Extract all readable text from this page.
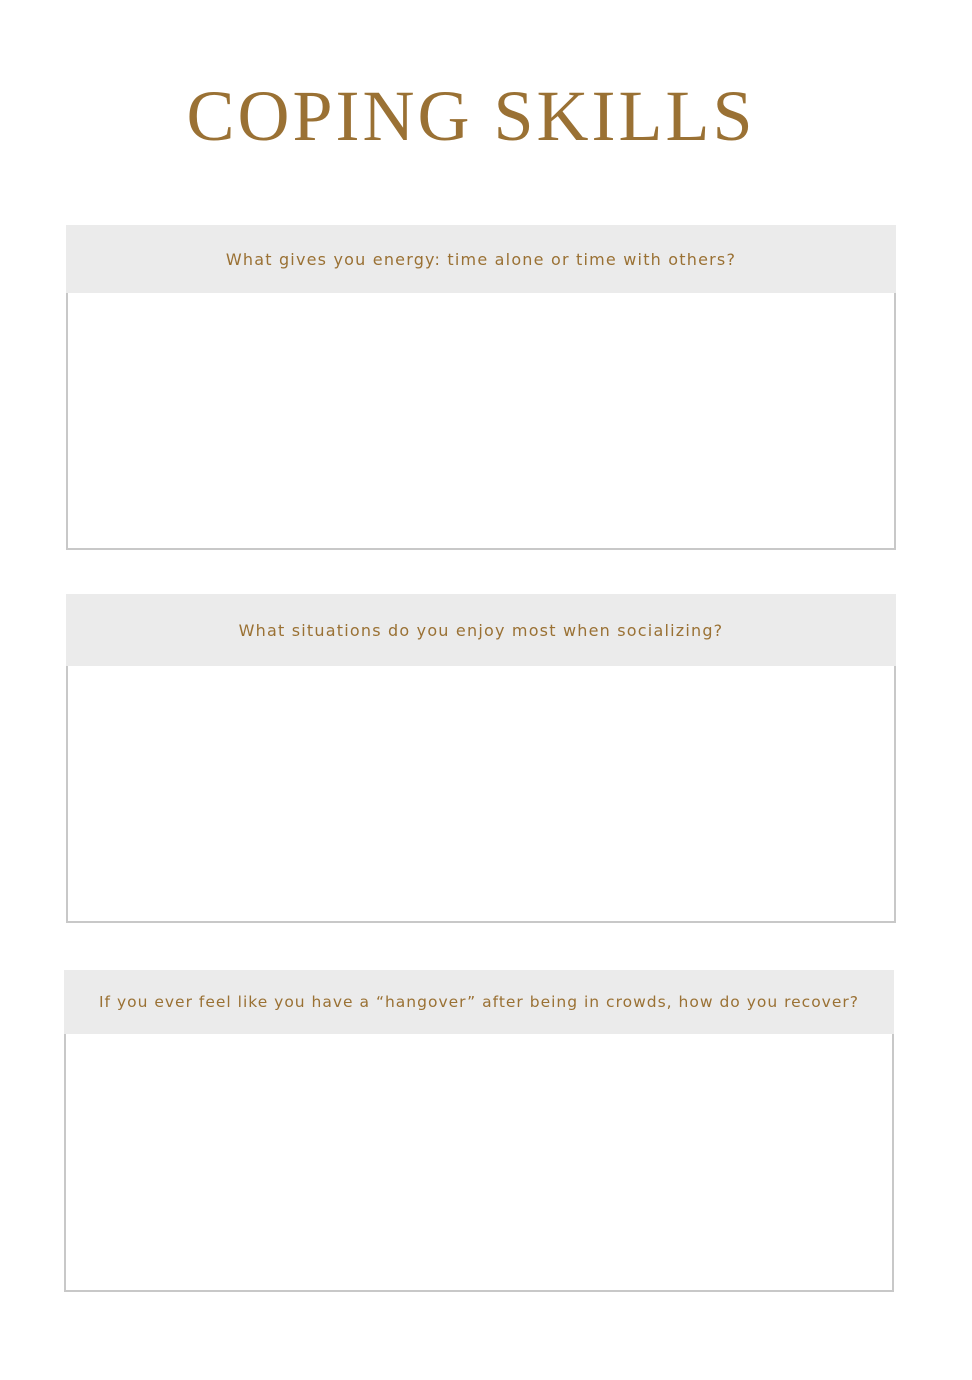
COPING SKILLS
What gives you energy: time alone or time with others?
What situations do you enjoy most when socializing?
If you ever feel like you have a “hangover” after being in crowds, how do you recover?
